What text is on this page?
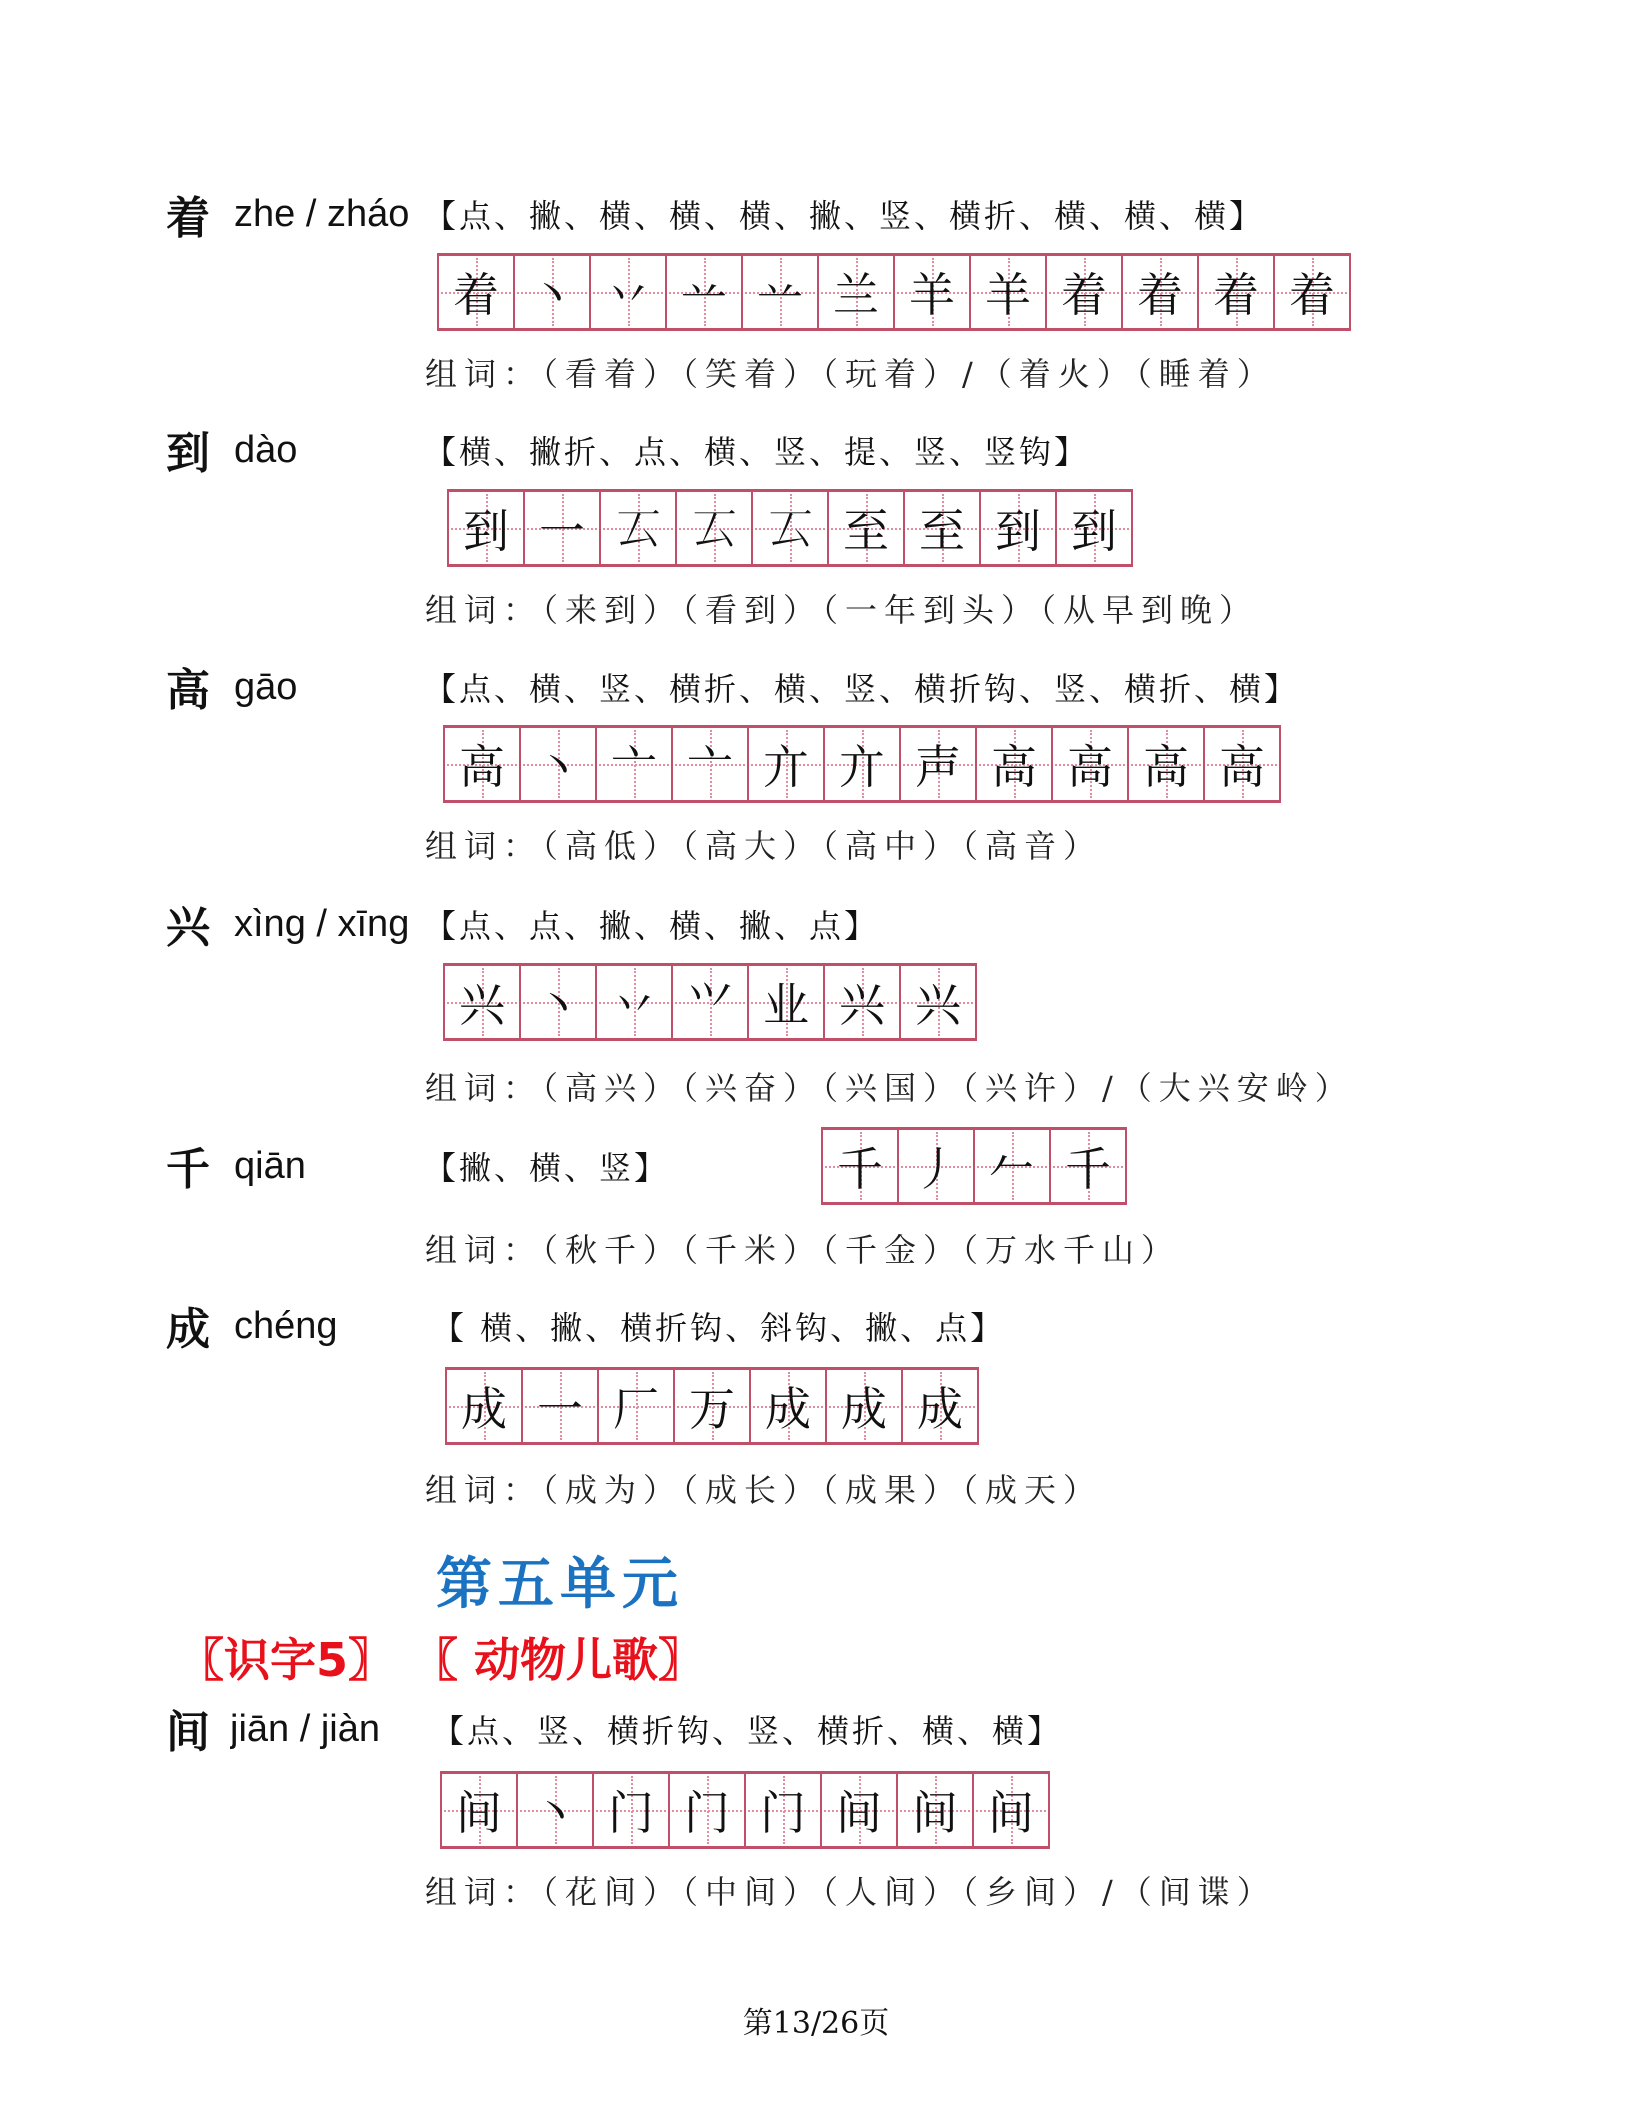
着 zhe / zháo 【点、撇、横、横、横、撇、竖、横折、横、横、横】
着 丶 丷 䒑 䒑 兰 羊 羊 着 着 着 着
组词：（看着）（笑着）（玩着）/（着火）（睡着）
到 dào	【横、撇折、点、横、竖、提、竖、竖钩】
到 一 𠫔 𠫔 𠫔 至 至 到 到
组词：（来到）（看到）（一年到头）（从早到晚）
高 gāo	【点、横、竖、横折、横、竖、横折钩、竖、横折、横】
高 丶 亠 亠 亣 亣 声 高 高 高 高
组词：（高低）（高大）（高中）（高音）
兴 xìng / xīng 【点、点、撇、横、撇、点】
兴 丶 丷 ⺍ 业 兴 兴
组词：（高兴）（兴奋）（兴国）（兴许）/（大兴安岭）
千 qiān	【撇、横、竖】	千 丿 𠂉 千
组词：（秋千）（千米）（千金）（万水千山）
成 chéng	【 横、撇、横折钩、斜钩、撇、点】
成 一 厂 万 成 成 成
组词：（成为）（成长）（成果）（成天）
第五单元
〖识字5〗 〖 动物儿歌〗
间 jiān / jiàn 【点、竖、横折钩、竖、横折、横、横】
间 丶 门 门 门 间 间 间
组词：（花间）（中间）（人间）（乡间）/（间谍）
第13/26页
